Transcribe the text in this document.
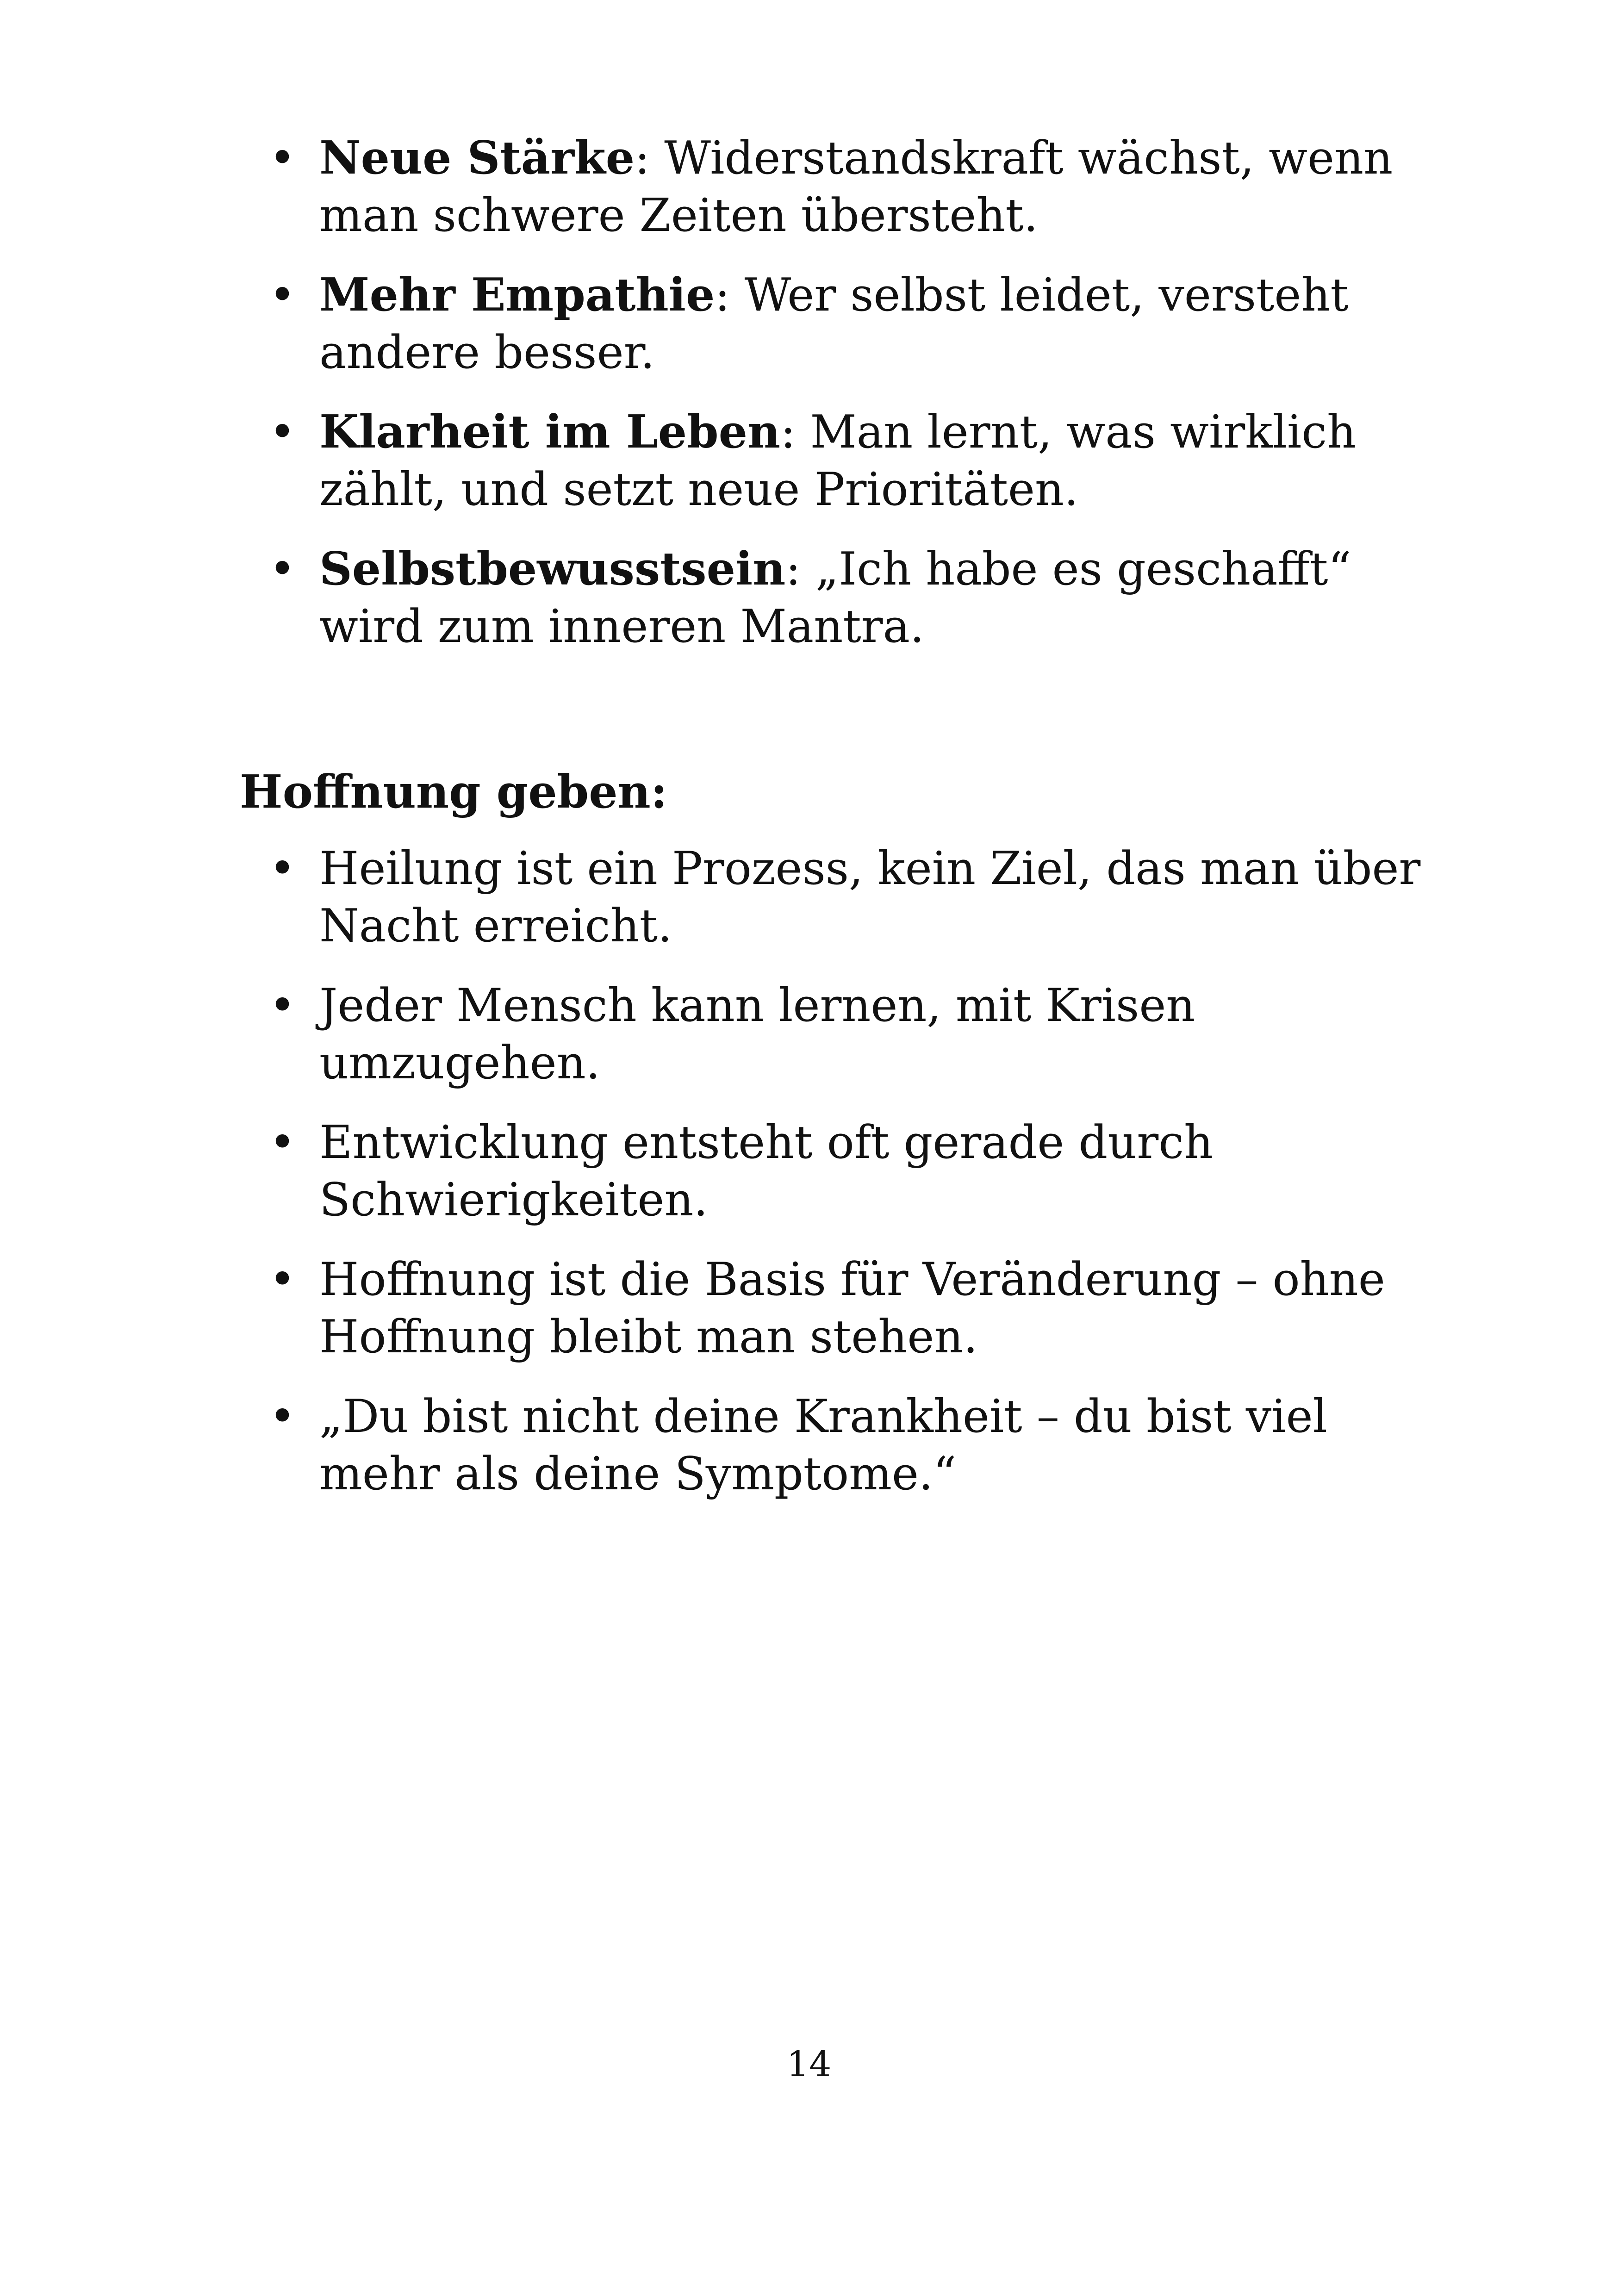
• Neue Stärke: Widerstandskraft wächst, wenn man schwere Zeiten übersteht.
• Mehr Empathie: Wer selbst leidet, versteht andere besser.
• Klarheit im Leben: Man lernt, was wirklich zählt, und setzt neue Prioritäten.
• Selbstbewusstsein: „Ich habe es geschafft“ wird zum inneren Mantra.
Hoffnung geben:
• Heilung ist ein Prozess, kein Ziel, das man über Nacht erreicht.
• Jeder Mensch kann lernen, mit Krisen umzugehen.
• Entwicklung entsteht oft gerade durch Schwierigkeiten.
• Hoffnung ist die Basis für Veränderung – ohne Hoffnung bleibt man stehen.
• „Du bist nicht deine Krankheit – du bist viel mehr als deine Symptome.“
14
